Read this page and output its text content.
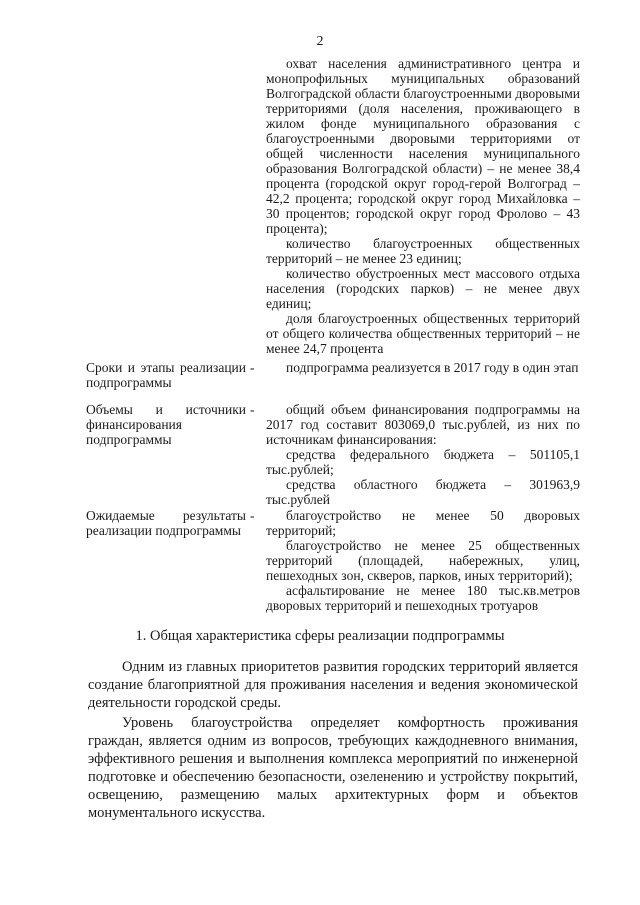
2

охват населения административного центра и монопрофильных муниципальных образований Волгоградской области благоустроенными дворовыми территориями (доля населения, проживающего в жилом фонде муниципального образования с благоустроенными дворовыми территориями от общей численности населения муниципального образования Волгоградской области) – не менее 38,4 процента (городской округ город-герой Волгоград – 42,2 процента; городской округ город Михайловка – 30 процентов; городской округ город Фролово – 43 процента);

количество благоустроенных общественных территорий – не менее 23 единиц;

количество обустроенных мест массового отдыха населения (городских парков) – не менее двух единиц;

доля благоустроенных общественных территорий от общего количества общественных территорий – не менее 24,7 процента

Сроки и этапы реализации подпрограммы
-	подпрограмма реализуется в 2017 году в один этап

Объемы и источники финансирования подпрограммы
-	общий объем финансирования подпрограммы на 2017 год составит 803069,0 тыс.рублей, из них по источникам финансирования:

средства федерального бюджета – 501105,1 тыс.рублей;

средства областного бюджета – 301963,9 тыс.рублей

Ожидаемые результаты реализации подпрограммы
-	благоустройство не менее 50 дворовых территорий;

благоустройство не менее 25 общественных территорий (площадей, набережных, улиц, пешеходных зон, скверов, парков, иных территорий);

асфальтирование не менее 180 тыс.кв.метров дворовых территорий и пешеходных тротуаров

1. Общая характеристика сферы реализации подпрограммы

Одним из главных приоритетов развития городских территорий является создание благоприятной для проживания населения и ведения экономической деятельности городской среды.

Уровень благоустройства определяет комфортность проживания граждан, является одним из вопросов, требующих каждодневного внимания, эффективного решения и выполнения комплекса мероприятий по инженерной подготовке и обеспечению безопасности, озеленению и устройству покрытий, освещению, размещению малых архитектурных форм и объектов монументального искусства.
